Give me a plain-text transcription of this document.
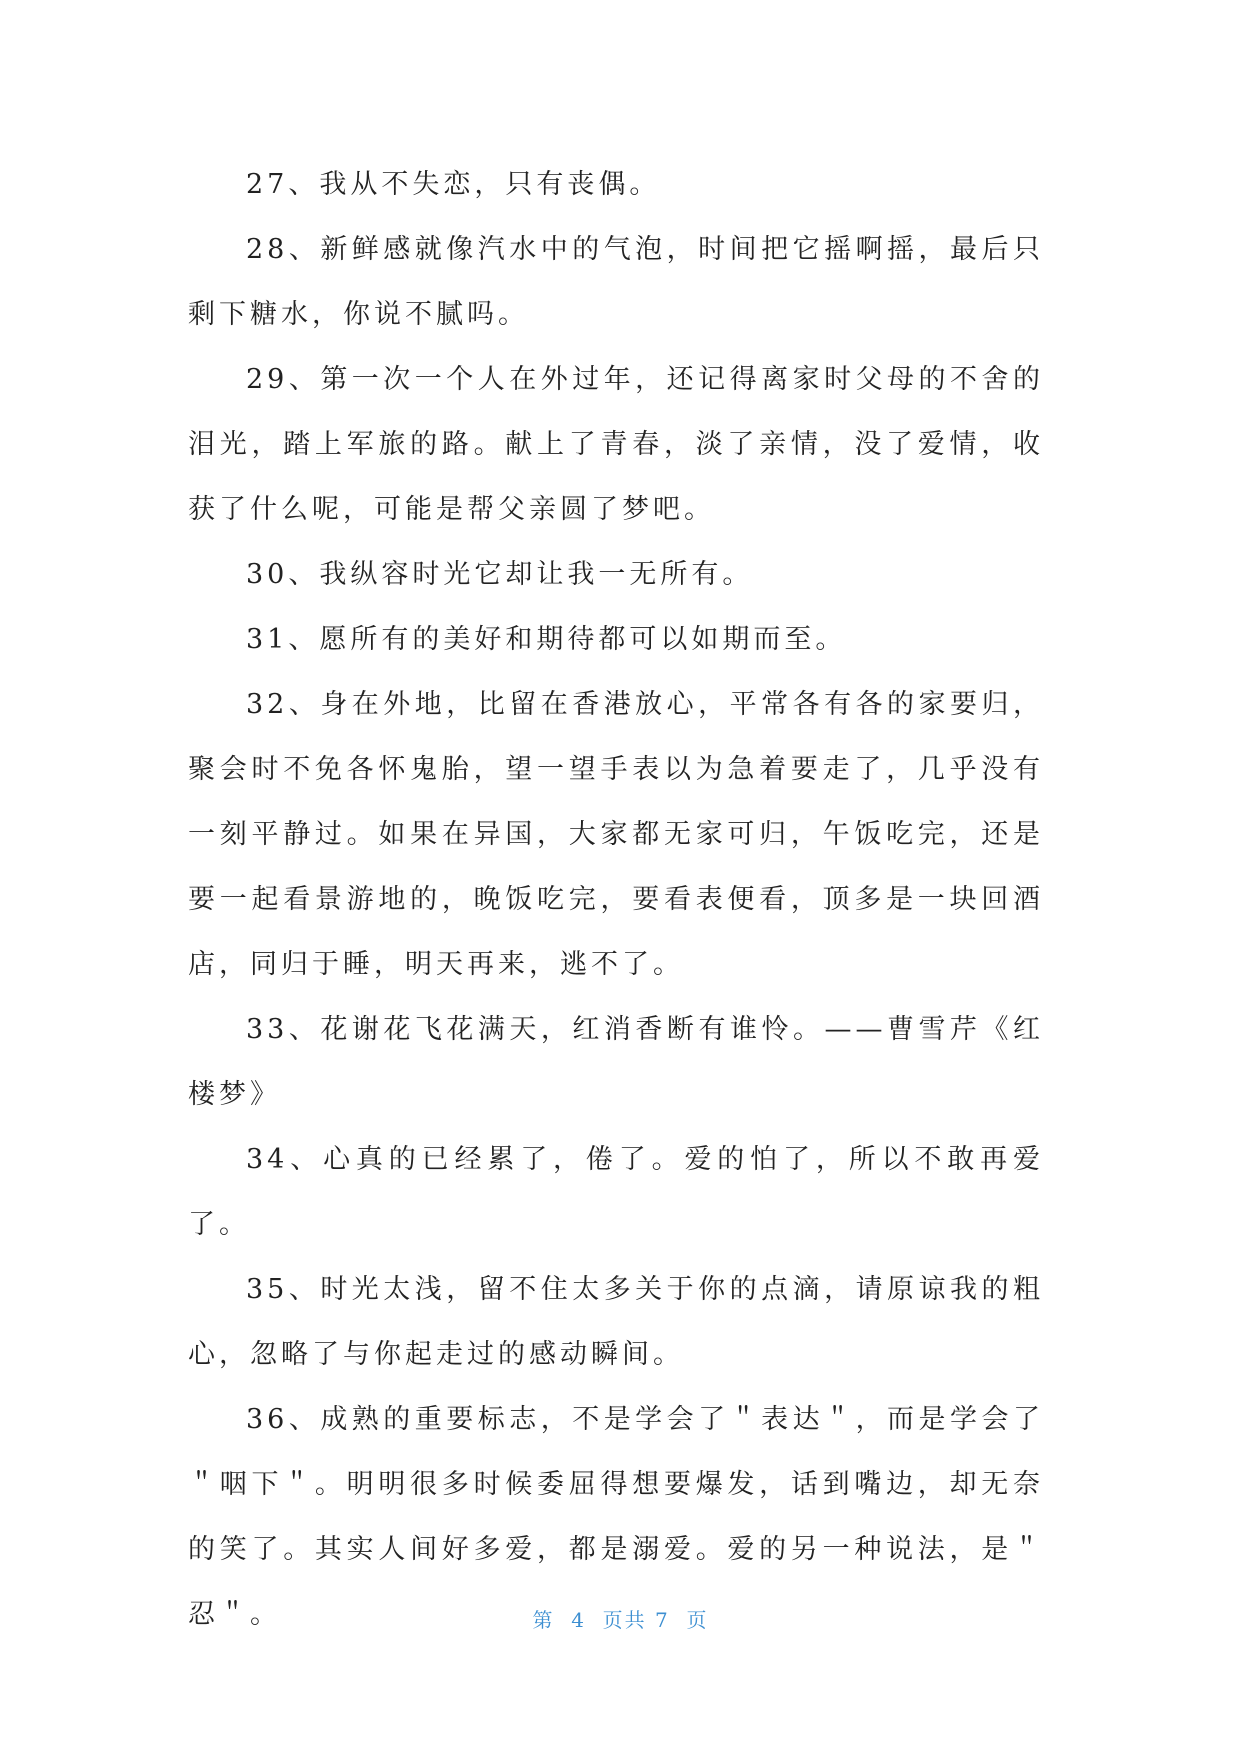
27、我从不失恋，只有丧偶。

28、新鲜感就像汽水中的气泡，时间把它摇啊摇，最后只剩下糖水，你说不腻吗。

29、第一次一个人在外过年，还记得离家时父母的不舍的泪光，踏上军旅的路。献上了青春，淡了亲情，没了爱情，收获了什么呢，可能是帮父亲圆了梦吧。

30、我纵容时光它却让我一无所有。

31、愿所有的美好和期待都可以如期而至。

32、身在外地，比留在香港放心，平常各有各的家要归，聚会时不免各怀鬼胎，望一望手表以为急着要走了，几乎没有一刻平静过。如果在异国，大家都无家可归，午饭吃完，还是要一起看景游地的，晚饭吃完，要看表便看，顶多是一块回酒店，同归于睡，明天再来，逃不了。

33、花谢花飞花满天，红消香断有谁怜。——曹雪芹《红楼梦》

34、心真的已经累了，倦了。爱的怕了，所以不敢再爱了。

35、时光太浅，留不住太多关于你的点滴，请原谅我的粗心，忽略了与你起走过的感动瞬间。

36、成熟的重要标志，不是学会了＂表达＂，而是学会了＂咽下＂。明明很多时候委屈得想要爆发，话到嘴边，却无奈的笑了。其实人间好多爱，都是溺爱。爱的另一种说法，是＂忍＂。	第  4  页共 7  页
